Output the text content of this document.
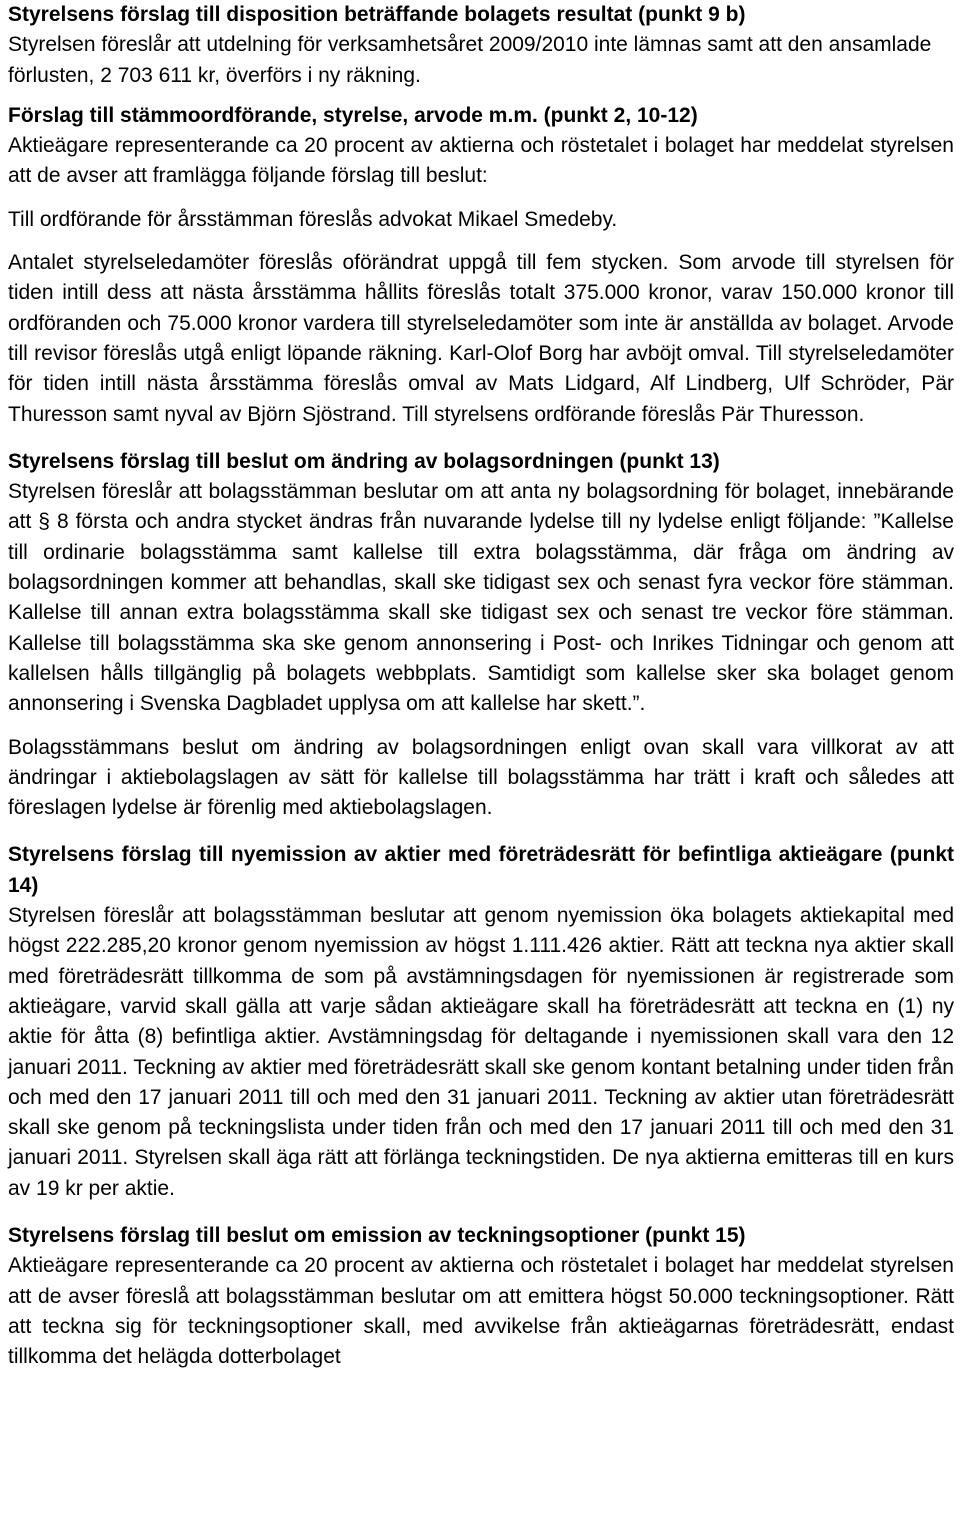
Styrelsens förslag till disposition beträffande bolagets resultat (punkt 9 b)

Styrelsen föreslår att utdelning för verksamhetsåret 2009/2010 inte lämnas samt att den ansamlade förlusten, 2 703 611 kr, överförs i ny räkning.

Förslag till stämmoordförande, styrelse, arvode m.m. (punkt 2, 10-12)

Aktieägare representerande ca 20 procent av aktierna och röstetalet i bolaget har meddelat styrelsen att de avser att framlägga följande förslag till beslut:

Till ordförande för årsstämman föreslås advokat Mikael Smedeby.

Antalet styrelseledamöter föreslås oförändrat uppgå till fem stycken. Som arvode till styrelsen för tiden intill dess att nästa årsstämma hållits föreslås totalt 375.000 kronor, varav 150.000 kronor till ordföranden och 75.000 kronor vardera till styrelseledamöter som inte är anställda av bolaget. Arvode till revisor föreslås utgå enligt löpande räkning. Karl-Olof Borg har avböjt omval. Till styrelseledamöter för tiden intill nästa årsstämma föreslås omval av Mats Lidgard, Alf Lindberg, Ulf Schröder, Pär Thuresson samt nyval av Björn Sjöstrand. Till styrelsens ordförande föreslås Pär Thuresson.

Styrelsens förslag till beslut om ändring av bolagsordningen (punkt 13)

Styrelsen föreslår att bolagsstämman beslutar om att anta ny bolagsordning för bolaget, innebärande att § 8 första och andra stycket ändras från nuvarande lydelse till ny lydelse enligt följande: ”Kallelse till ordinarie bolagsstämma samt kallelse till extra bolagsstämma, där fråga om ändring av bolagsordningen kommer att behandlas, skall ske tidigast sex och senast fyra veckor före stämman. Kallelse till annan extra bolagsstämma skall ske tidigast sex och senast tre veckor före stämman. Kallelse till bolagsstämma ska ske genom annonsering i Post- och Inrikes Tidningar och genom att kallelsen hålls tillgänglig på bolagets webbplats. Samtidigt som kallelse sker ska bolaget genom annonsering i Svenska Dagbladet upplysa om att kallelse har skett.”.

Bolagsstämmans beslut om ändring av bolagsordningen enligt ovan skall vara villkorat av att ändringar i aktiebolagslagen av sätt för kallelse till bolagsstämma har trätt i kraft och således att föreslagen lydelse är förenlig med aktiebolagslagen.

Styrelsens förslag till nyemission av aktier med företrädesrätt för befintliga aktieägare (punkt 14)

Styrelsen föreslår att bolagsstämman beslutar att genom nyemission öka bolagets aktiekapital med högst 222.285,20 kronor genom nyemission av högst 1.111.426 aktier. Rätt att teckna nya aktier skall med företrädesrätt tillkomma de som på avstämningsdagen för nyemissionen är registrerade som aktieägare, varvid skall gälla att varje sådan aktieägare skall ha företrädesrätt att teckna en (1) ny aktie för åtta (8) befintliga aktier. Avstämningsdag för deltagande i nyemissionen skall vara den 12 januari 2011. Teckning av aktier med företrädesrätt skall ske genom kontant betalning under tiden från och med den 17 januari 2011 till och med den 31 januari 2011. Teckning av aktier utan företrädesrätt skall ske genom på teckningslista under tiden från och med den 17 januari 2011 till och med den 31 januari 2011. Styrelsen skall äga rätt att förlänga teckningstiden. De nya aktierna emitteras till en kurs av 19 kr per aktie.

Styrelsens förslag till beslut om emission av teckningsoptioner (punkt 15)

Aktieägare representerande ca 20 procent av aktierna och röstetalet i bolaget har meddelat styrelsen att de avser föreslå att bolagsstämman beslutar om att emittera högst 50.000 teckningsoptioner. Rätt att teckna sig för teckningsoptioner skall, med avvikelse från aktieägarnas företrädesrätt, endast tillkomma det helägda dotterbolaget
